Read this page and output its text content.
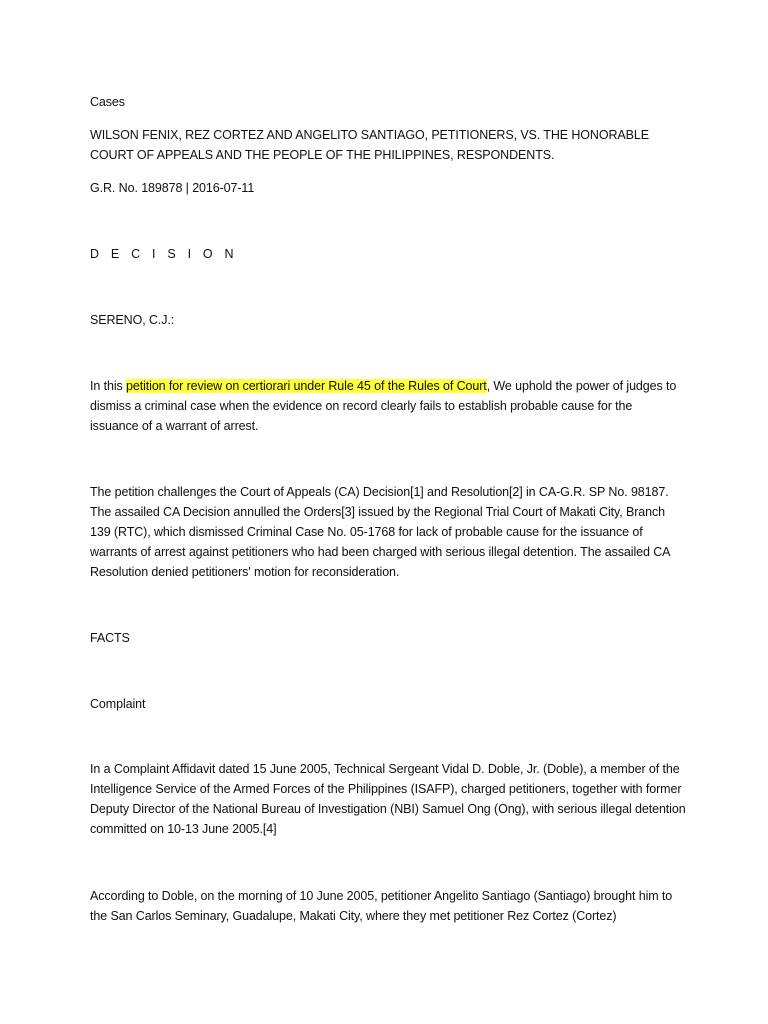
Cases

WILSON FENIX, REZ CORTEZ AND ANGELITO SANTIAGO, PETITIONERS, VS. THE HONORABLE COURT OF APPEALS AND THE PEOPLE OF THE PHILIPPINES, RESPONDENTS.

G.R. No. 189878 | 2016-07-11

D E C I S I O N

SERENO, C.J.:

In this petition for review on certiorari under Rule 45 of the Rules of Court, We uphold the power of judges to dismiss a criminal case when the evidence on record clearly fails to establish probable cause for the issuance of a warrant of arrest.

The petition challenges the Court of Appeals (CA) Decision[1] and Resolution[2] in CA-G.R. SP No. 98187. The assailed CA Decision annulled the Orders[3] issued by the Regional Trial Court of Makati City, Branch 139 (RTC), which dismissed Criminal Case No. 05-1768 for lack of probable cause for the issuance of warrants of arrest against petitioners who had been charged with serious illegal detention. The assailed CA Resolution denied petitioners' motion for reconsideration.

FACTS

Complaint

In a Complaint Affidavit dated 15 June 2005, Technical Sergeant Vidal D. Doble, Jr. (Doble), a member of the Intelligence Service of the Armed Forces of the Philippines (ISAFP), charged petitioners, together with former Deputy Director of the National Bureau of Investigation (NBI) Samuel Ong (Ong), with serious illegal detention committed on 10-13 June 2005.[4]

According to Doble, on the morning of 10 June 2005, petitioner Angelito Santiago (Santiago) brought him to the San Carlos Seminary, Guadalupe, Makati City, where they met petitioner Rez Cortez (Cortez)
